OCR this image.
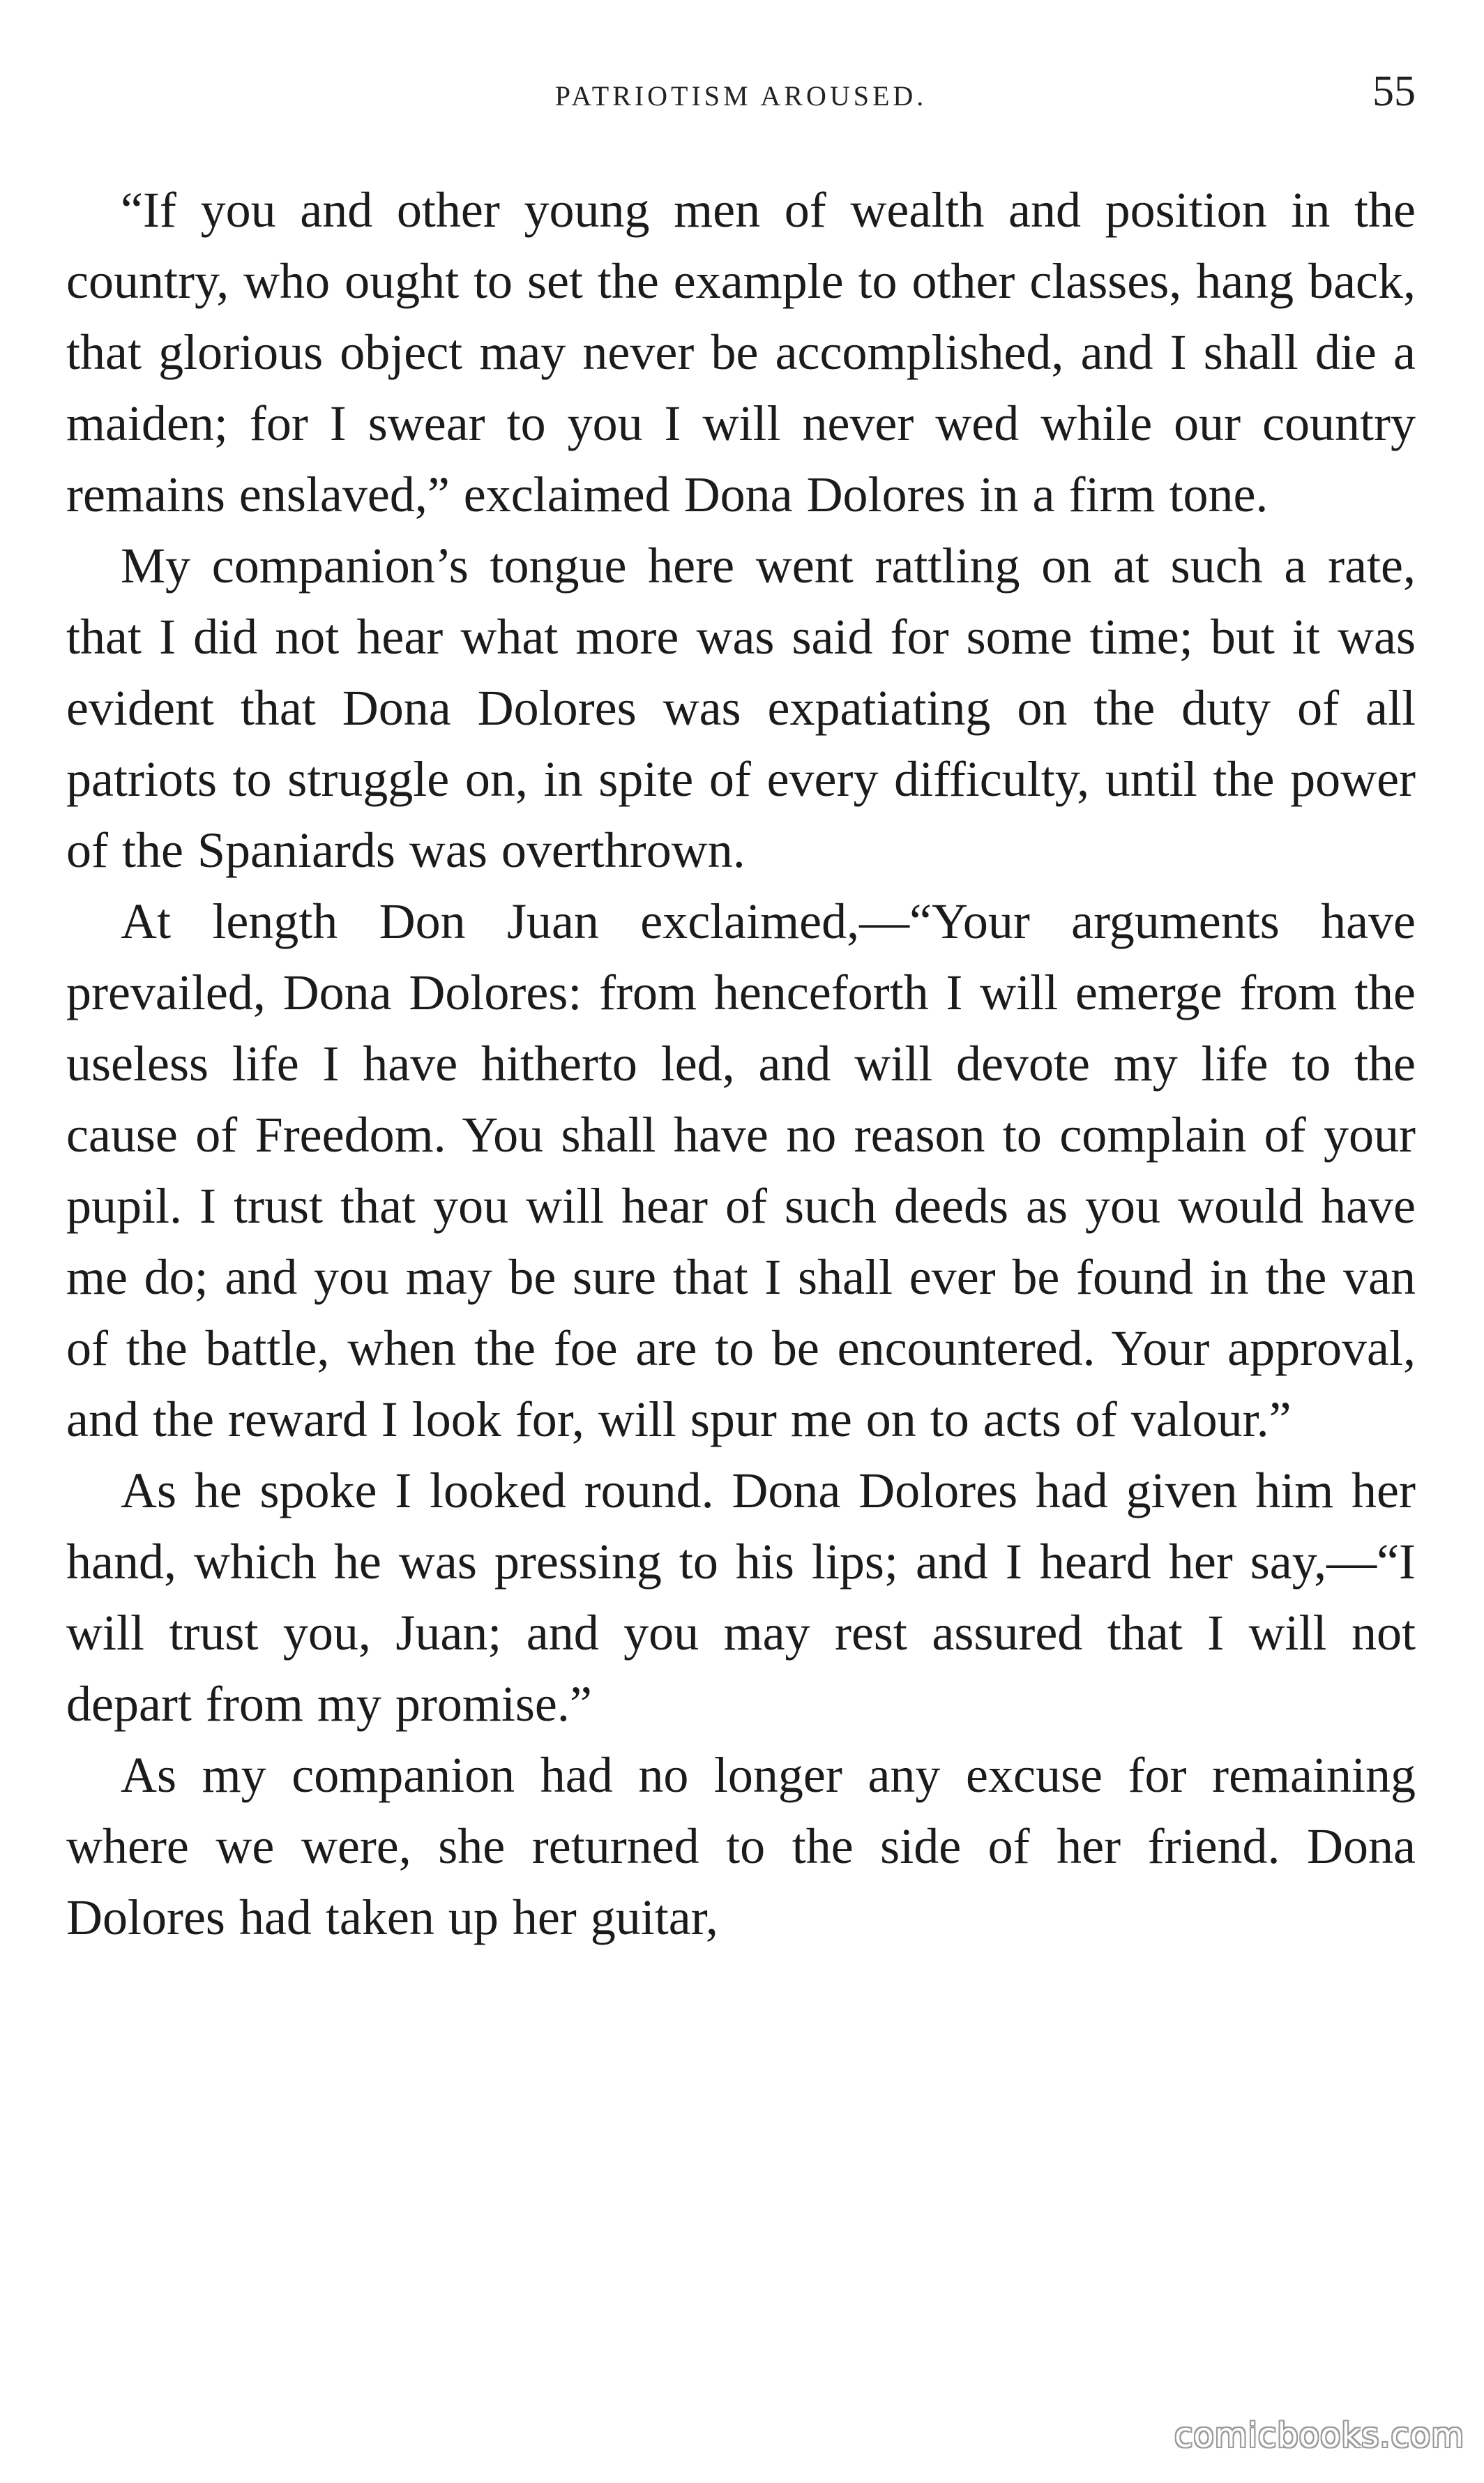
PATRIOTISM AROUSED.	55

“If you and other young men of wealth and position in the country, who ought to set the example to other classes, hang back, that glorious object may never be accomplished, and I shall die a maiden; for I swear to you I will never wed while our country remains enslaved,” exclaimed Dona Dolores in a firm tone.

My companion’s tongue here went rattling on at such a rate, that I did not hear what more was said for some time; but it was evident that Dona Dolores was expatiating on the duty of all patriots to struggle on, in spite of every difficulty, until the power of the Spaniards was overthrown.

At length Don Juan exclaimed,—“Your arguments have prevailed, Dona Dolores: from henceforth I will emerge from the useless life I have hitherto led, and will devote my life to the cause of Freedom. You shall have no reason to complain of your pupil. I trust that you will hear of such deeds as you would have me do; and you may be sure that I shall ever be found in the van of the battle, when the foe are to be encountered. Your approval, and the reward I look for, will spur me on to acts of valour.”

As he spoke I looked round. Dona Dolores had given him her hand, which he was pressing to his lips; and I heard her say,—“I will trust you, Juan; and you may rest assured that I will not depart from my promise.”

As my companion had no longer any excuse for remaining where we were, she returned to the side of her friend. Dona Dolores had taken up her guitar,

comicbooks.com
